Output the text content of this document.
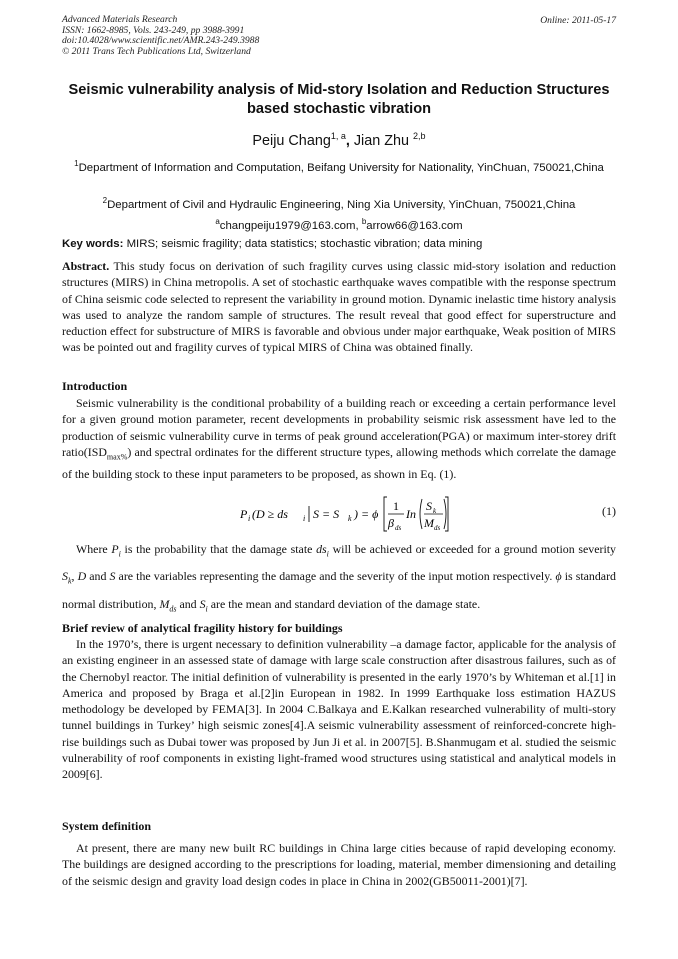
Advanced Materials Research
ISSN: 1662-8985, Vols. 243-249, pp 3988-3991
doi:10.4028/www.scientific.net/AMR.243-249.3988
© 2011 Trans Tech Publications Ltd, Switzerland
Online: 2011-05-17
Seismic vulnerability analysis of Mid-story Isolation and Reduction Structures based stochastic vibration
Peiju Chang$^{1, a}$, Jian Zhu $^{2,b}$
$^1$Department of Information and Computation, Beifang University for Nationality, YinChuan, 750021,China
$^2$Department of Civil and Hydraulic Engineering, Ning Xia University, YinChuan, 750021,China
$^a$changpeiju1979@163.com, $^b$arrow66@163.com
Key words: MIRS; seismic fragility; data statistics; stochastic vibration; data mining
Abstract. This study focus on derivation of such fragility curves using classic mid-story isolation and reduction structures (MIRS) in China metropolis. A set of stochastic earthquake waves compatible with the response spectrum of China seismic code selected to represent the variability in ground motion. Dynamic inelastic time history analysis was used to analyze the random sample of structures. The result reveal that good effect for superstructure and reduction effect for substructure of MIRS is favorable and obvious under major earthquake, Weak position of MIRS was be pointed out and fragility curves of typical MIRS of China was obtained finally.
Introduction
Seismic vulnerability is the conditional probability of a building reach or exceeding a certain performance level for a given ground motion parameter, recent developments in probability seismic risk assessment have led to the production of seismic vulnerability curve in terms of peak ground acceleration(PGA) or maximum inter-storey drift $ratio(ISD_{max\%})$ and spectral ordinates for the different structure types, allowing methods which correlate the damage of the building stock to these input parameters to be proposed, as shown in Eq. (1).
P i (D ≥ ds i S = S k ) = ϕ
1
β ds
In
S k
M ds
(1)
Where $P_i$ is the probability that the damage state $ds_i$ will be achieved or exceeded for a ground motion severity $S_k$, D and S are the variables representing the damage and the severity of the input motion respectively. ϕ is standard normal distribution, $M_{ds}$ and $S_i$ are the mean and standard deviation of the damage state.
Brief review of analytical fragility history for buildings
In the 1970’s, there is urgent necessary to definition vulnerability –a damage factor, applicable for the analysis of an existing engineer in an assessed state of damage with large scale construction after disastrous failures, such as of the Chernobyl reactor. The initial definition of vulnerability is presented in the early 1970’s by Whiteman et al.[1] in America and proposed by Braga et al.[2]in European in 1982. In 1999 Earthquake loss estimation HAZUS methodology be developed by FEMA[3]. In 2004 C.Balkaya and E.Kalkan researched vulnerability of multi-story tunnel buildings in Turkey’ high seismic zones[4].A seismic vulnerability assessment of reinforced-concrete high-rise buildings such as Dubai tower was proposed by Jun Ji et al. in 2007[5]. B.Shanmugam et al. studied the seismic vulnerability of roof components in existing light-framed wood structures using statistical and analytical models in 2009[6].
System definition
At present, there are many new built RC buildings in China large cities because of rapid developing economy. The buildings are designed according to the prescriptions for loading, material, member dimensioning and detailing of the seismic design and gravity load design codes in place in China in 2002(GB50011-2001)[7].
